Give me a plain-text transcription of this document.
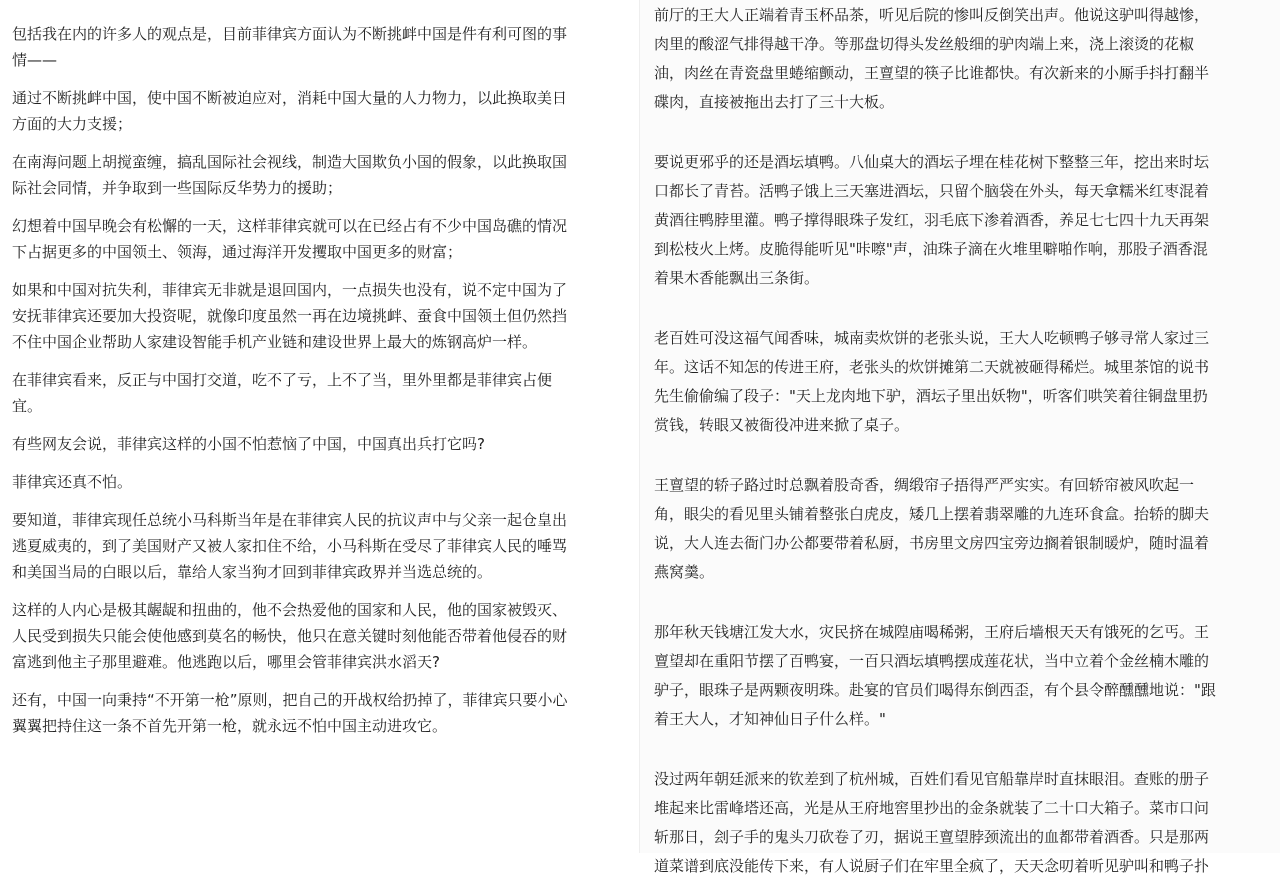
包括我在内的许多人的观点是，目前菲律宾方面认为不断挑衅中国是件有利可图的事
情——

通过不断挑衅中国，使中国不断被迫应对，消耗中国大量的人力物力，以此换取美日
方面的大力支援；

在南海问题上胡搅蛮缠，搞乱国际社会视线，制造大国欺负小国的假象，以此换取国
际社会同情，并争取到一些国际反华势力的援助；

幻想着中国早晚会有松懈的一天，这样菲律宾就可以在已经占有不少中国岛礁的情况
下占据更多的中国领土、领海，通过海洋开发攫取中国更多的财富；

如果和中国对抗失利，菲律宾无非就是退回国内，一点损失也没有，说不定中国为了
安抚菲律宾还要加大投资呢，就像印度虽然一再在边境挑衅、蚕食中国领土但仍然挡
不住中国企业帮助人家建设智能手机产业链和建设世界上最大的炼钢高炉一样。

在菲律宾看来，反正与中国打交道，吃不了亏，上不了当，里外里都是菲律宾占便
宜。

有些网友会说，菲律宾这样的小国不怕惹恼了中国，中国真出兵打它吗?

菲律宾还真不怕。

要知道，菲律宾现任总统小马科斯当年是在菲律宾人民的抗议声中与父亲一起仓皇出
逃夏威夷的，到了美国财产又被人家扣住不给，小马科斯在受尽了菲律宾人民的唾骂
和美国当局的白眼以后，靠给人家当狗才回到菲律宾政界并当选总统的。

这样的人内心是极其龌龊和扭曲的，他不会热爱他的国家和人民，他的国家被毁灭、
人民受到损失只能会使他感到莫名的畅快，他只在意关键时刻他能否带着他侵吞的财
富逃到他主子那里避难。他逃跑以后，哪里会管菲律宾洪水滔天?

还有，中国一向秉持“不开第一枪”原则，把自己的开战权给扔掉了，菲律宾只要小心
翼翼把持住这一条不首先开第一枪，就永远不怕中国主动进攻它。

前厅的王大人正端着青玉杯品茶，听见后院的惨叫反倒笑出声。他说这驴叫得越惨，
肉里的酸涩气排得越干净。等那盘切得头发丝般细的驴肉端上来，浇上滚烫的花椒
油，肉丝在青瓷盘里蜷缩颤动，王亶望的筷子比谁都快。有次新来的小厮手抖打翻半
碟肉，直接被拖出去打了三十大板。

要说更邪乎的还是酒坛填鸭。八仙桌大的酒坛子埋在桂花树下整整三年，挖出来时坛
口都长了青苔。活鸭子饿上三天塞进酒坛，只留个脑袋在外头，每天拿糯米红枣混着
黄酒往鸭脖里灌。鸭子撑得眼珠子发红，羽毛底下渗着酒香，养足七七四十九天再架
到松枝火上烤。皮脆得能听见"咔嚓"声，油珠子滴在火堆里噼啪作响，那股子酒香混
着果木香能飘出三条街。

老百姓可没这福气闻香味，城南卖炊饼的老张头说，王大人吃顿鸭子够寻常人家过三
年。这话不知怎的传进王府，老张头的炊饼摊第二天就被砸得稀烂。城里茶馆的说书
先生偷偷编了段子："天上龙肉地下驴，酒坛子里出妖物"，听客们哄笑着往铜盘里扔
赏钱，转眼又被衙役冲进来掀了桌子。

王亶望的轿子路过时总飘着股奇香，绸缎帘子捂得严严实实。有回轿帘被风吹起一
角，眼尖的看见里头铺着整张白虎皮，矮几上摆着翡翠雕的九连环食盒。抬轿的脚夫
说，大人连去衙门办公都要带着私厨，书房里文房四宝旁边搁着银制暖炉，随时温着
燕窝羹。

那年秋天钱塘江发大水，灾民挤在城隍庙喝稀粥，王府后墙根天天有饿死的乞丐。王
亶望却在重阳节摆了百鸭宴，一百只酒坛填鸭摆成莲花状，当中立着个金丝楠木雕的
驴子，眼珠子是两颗夜明珠。赴宴的官员们喝得东倒西歪，有个县令醉醺醺地说："跟
着王大人，才知神仙日子什么样。"

没过两年朝廷派来的钦差到了杭州城，百姓们看见官船靠岸时直抹眼泪。查账的册子
堆起来比雷峰塔还高，光是从王府地窖里抄出的金条就装了二十口大箱子。菜市口问
斩那日，刽子手的鬼头刀砍卷了刃，据说王亶望脖颈流出的血都带着酒香。只是那两
道菜谱到底没能传下来，有人说厨子们在牢里全疯了，天天念叨着听见驴叫和鸭子扑
